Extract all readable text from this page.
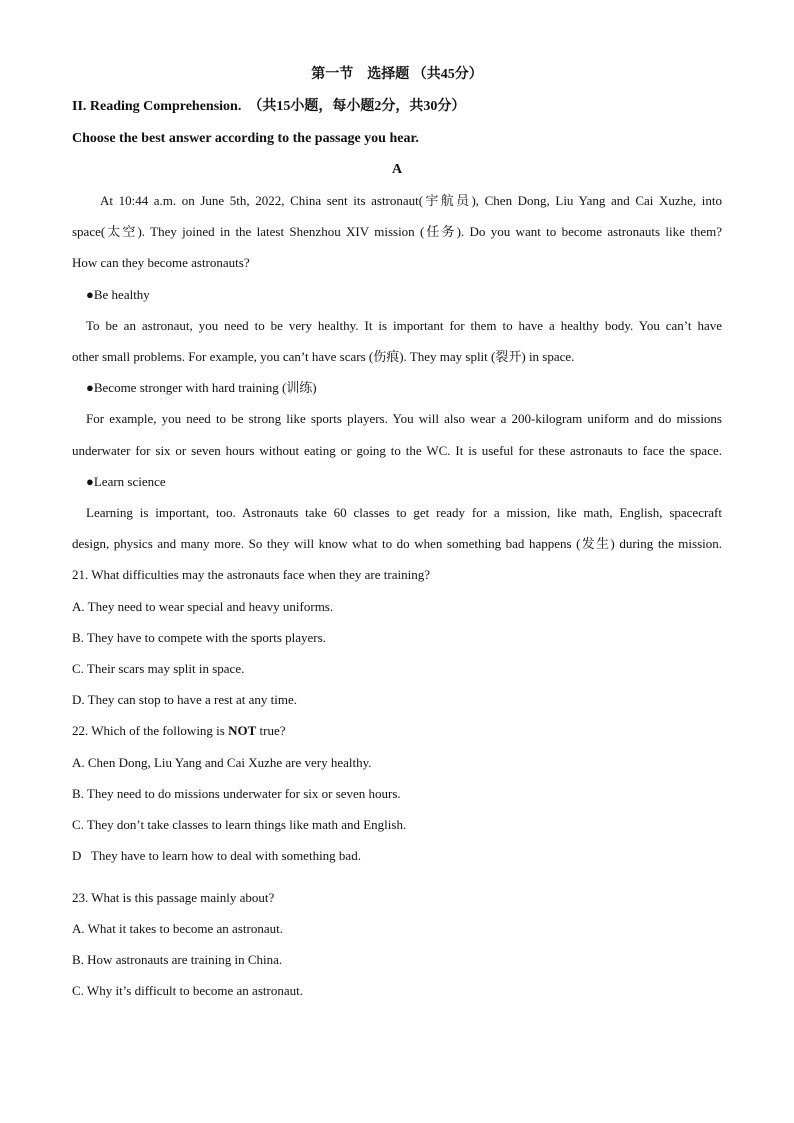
第一节　选择题 （共45分）
II. Reading Comprehension.　（共15小题，每小题2分，共30分）
Choose the best answer according to the passage you hear.
A
At 10:44 a.m. on June 5th, 2022, China sent its astronaut(宇航员), Chen Dong, Liu Yang and Cai Xuzhe, into
space(太空). They joined in the latest Shenzhou XIV mission (任务). Do you want to become astronauts like them?
How can they become astronauts?
●Be healthy
To be an astronaut, you need to be very healthy. It is important for them to have a healthy body. You can’t have
other small problems. For example, you can’t have scars (伤痕). They may split (裂开) in space.
●Become stronger with hard training (训练)
For example, you need to be strong like sports players. You will also wear a 200-kilogram uniform and do missions
underwater for six or seven hours without eating or going to the WC. It is useful for these astronauts to face the space.
●Learn science
Learning is important, too. Astronauts take 60 classes to get ready for a mission, like math, English, spacecraft
design, physics and many more. So they will know what to do when something bad happens (发生) during the mission.
21. What difficulties may the astronauts face when they are training?
A. They need to wear special and heavy uniforms.
B. They have to compete with the sports players.
C. Their scars may split in space.
D. They can stop to have a rest at any time.
22. Which of the following is NOT true?
A. Chen Dong, Liu Yang and Cai Xuzhe are very healthy.
B. They need to do missions underwater for six or seven hours.
C. They don’t take classes to learn things like math and English.
D   They have to learn how to deal with something bad.
23. What is this passage mainly about?
A. What it takes to become an astronaut.
B. How astronauts are training in China.
C. Why it’s difficult to become an astronaut.
